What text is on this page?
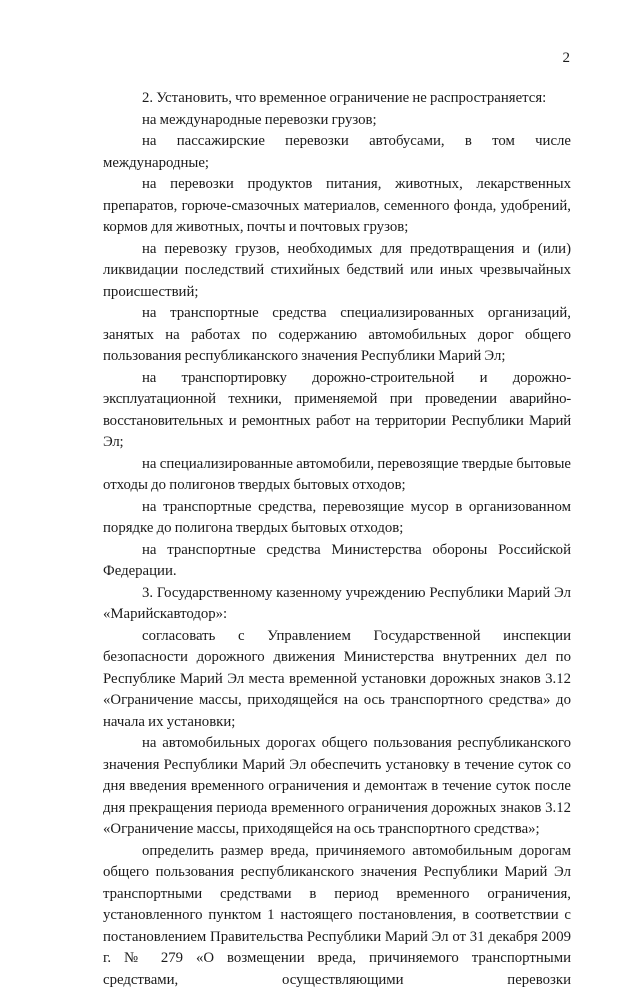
2

2. Установить, что временное ограничение не распространяется:

на международные перевозки грузов;

на пассажирские перевозки автобусами, в том числе международные;

на перевозки продуктов питания, животных, лекарственных препаратов, горюче-смазочных материалов, семенного фонда, удобрений, кормов для животных, почты и почтовых грузов;

на перевозку грузов, необходимых для предотвращения и (или) ликвидации последствий стихийных бедствий или иных чрезвычайных происшествий;

на транспортные средства специализированных организаций, занятых на работах по содержанию автомобильных дорог общего пользования республиканского значения Республики Марий Эл;

на транспортировку дорожно-строительной и дорожно-эксплуатационной техники, применяемой при проведении аварийно-восстановительных и ремонтных работ на территории Республики Марий Эл;

на специализированные автомобили, перевозящие твердые бытовые отходы до полигонов твердых бытовых отходов;

на транспортные средства, перевозящие мусор в организованном порядке до полигона твердых бытовых отходов;

на транспортные средства Министерства обороны Российской Федерации.

3. Государственному казенному учреждению Республики Марий Эл «Марийскавтодор»:

согласовать с Управлением Государственной инспекции безопасности дорожного движения Министерства внутренних дел по Республике Марий Эл места временной установки дорожных знаков 3.12 «Ограничение массы, приходящейся на ось транспортного средства» до начала их установки;

на автомобильных дорогах общего пользования республиканского значения Республики Марий Эл обеспечить установку в течение суток со дня введения временного ограничения и демонтаж в течение суток после дня прекращения периода временного ограничения дорожных знаков 3.12 «Ограничение массы, приходящейся на ось транспортного средства»;

определить размер вреда, причиняемого автомобильным дорогам общего пользования республиканского значения Республики Марий Эл транспортными средствами в период временного ограничения, установленного пунктом 1 настоящего постановления, в соответствии с постановлением Правительства Республики Марий Эл от 31 декабря 2009 г. № 279 «О возмещении вреда, причиняемого транспортными средствами, осуществляющими перевозки
